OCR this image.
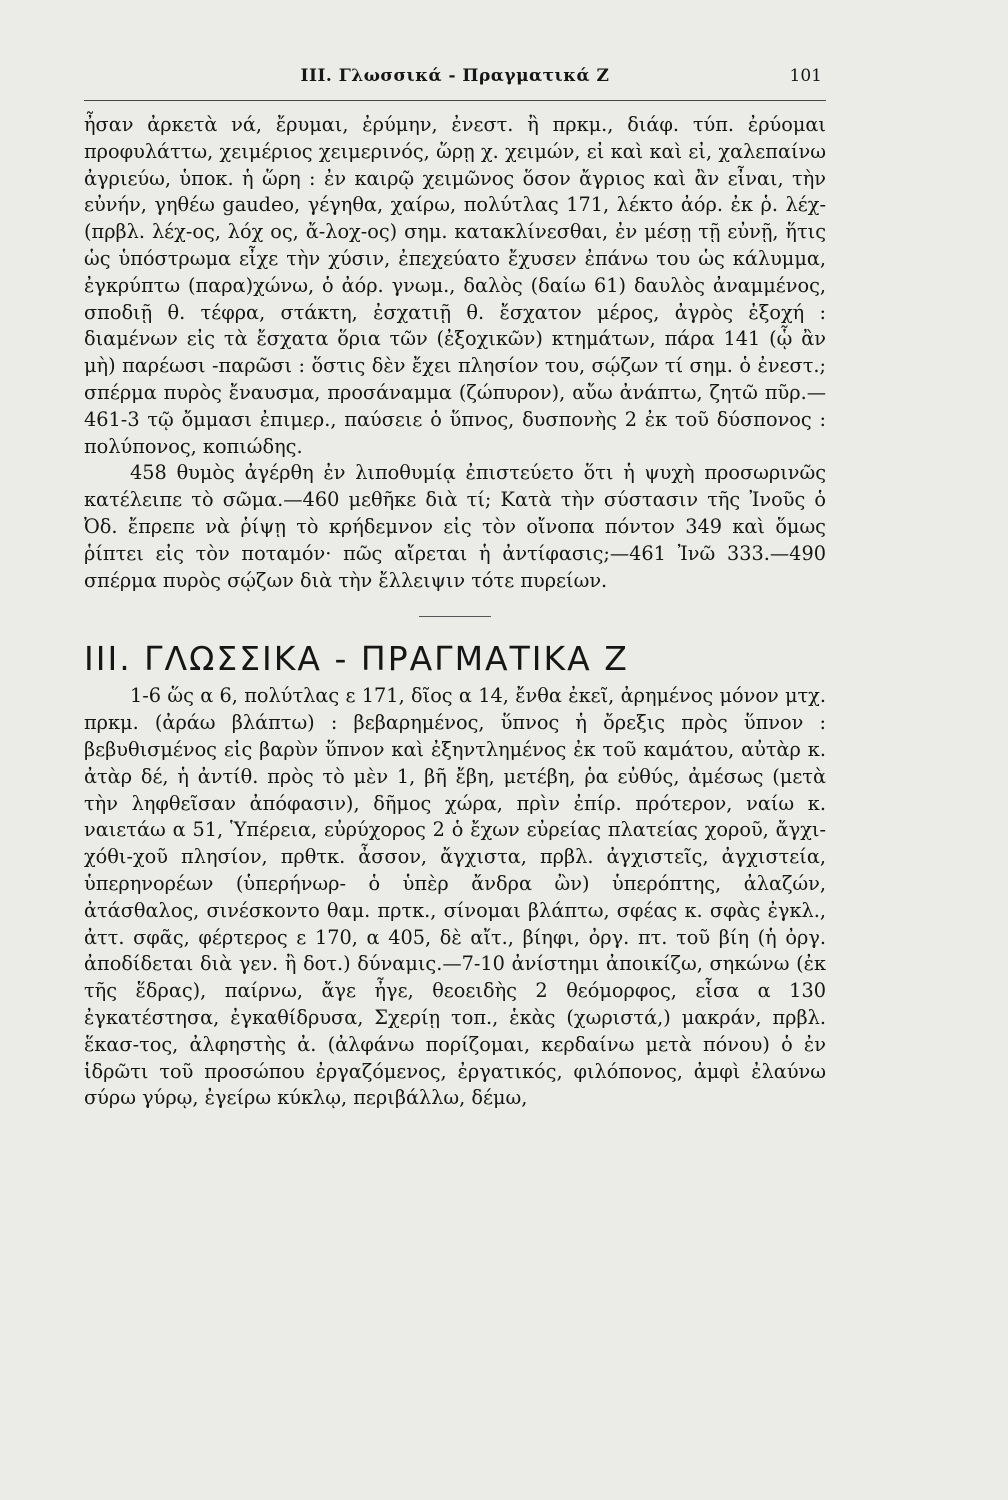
III. Γλωσσικά - Πραγματικά Ζ	101

ἦσαν ἀρκετὰ νά, ἔρυμαι, ἐρύμην, ἐνεστ. ἢ πρκμ., διάφ. τύπ. ἐρύομαι προφυλάττω, χειμέριος χειμερινός, ὥρῃ χ. χειμών, εἰ καὶ καὶ εἰ, χαλεπαίνω ἀγριεύω, ὑποκ. ἡ ὥρη : ἐν καιρῷ χειμῶνος ὅσον ἄγριος καὶ ἂν εἶναι, τὴν εὐνήν, γηθέω gaudeo, γέγηθα, χαίρω, πολύτλας 171, λέκτο ἀόρ. ἐκ ῥ. λέχ- (πρβλ. λέχ-ος, λόχ ος, ἄ-λοχ-ος) σημ. κατακλίνεσθαι, ἐν μέσῃ τῇ εὐνῇ, ἥτις ὡς ὑπόστρωμα εἶχε τὴν χύσιν, ἐπεχεύατο ἔχυσεν ἐπάνω του ὡς κάλυμμα, ἐγκρύπτω (παρα)χώνω, ὁ ἀόρ. γνωμ., δαλὸς (δαίω 61) δαυλὸς ἀναμμένος, σποδιῇ θ. τέφρα, στάκτη, ἐσχατιῇ θ. ἔσχατον μέρος, ἀγρὸς ἐξοχή : διαμένων εἰς τὰ ἔσχατα ὅρια τῶν (ἐξοχικῶν) κτημάτων, πάρα 141 (ᾧ ἂν μὴ) παρέωσι -παρῶσι : ὅστις δὲν ἔχει πλησίον του, σῴζων τί σημ. ὁ ἐνεστ.; σπέρμα πυρὸς ἔναυσμα, προσάναμμα (ζώπυρον), αὔω ἀνάπτω, ζητῶ πῦρ.—461-3 τῷ ὄμμασι ἐπιμερ., παύσειε ὁ ὕπνος, δυσπονὴς 2 ἐκ τοῦ δύσπονος : πολύπονος, κοπιώδης.

458 θυμὸς ἀγέρθη ἐν λιποθυμίᾳ ἐπιστεύετο ὅτι ἡ ψυχὴ προσωρινῶς κατέλειπε τὸ σῶμα.—460 μεθῆκε διὰ τί; Κατὰ τὴν σύστασιν τῆς Ἰνοῦς ὁ Ὀδ. ἔπρεπε νὰ ῥίψῃ τὸ κρήδεμνον εἰς τὸν οἴνοπα πόντον 349 καὶ ὅμως ῥίπτει εἰς τὸν ποταμόν· πῶς αἴρεται ἡ ἀντίφασις;—461 Ἰνῶ 333.—490 σπέρμα πυρὸς σῴζων διὰ τὴν ἔλλειψιν τότε πυρείων.

III. ΓΛΩΣΣΙΚΑ - ΠΡΑΓΜΑΤΙΚΑ Ζ

1-6 ὥς α 6, πολύτλας ε 171, δῖος α 14, ἔνθα ἐκεῖ, ἀρημένος μόνον μτχ. πρκμ. (ἀράω βλάπτω) : βεβαρημένος, ὕπνος ἡ ὄρεξις πρὸς ὕπνον : βεβυθισμένος εἰς βαρὺν ὕπνον καὶ ἐξηντλημένος ἐκ τοῦ καμάτου, αὐτὰρ κ. ἀτὰρ δέ, ἡ ἀντίθ. πρὸς τὸ μὲν 1, βῆ ἔβη, μετέβη, ῥα εὐθύς, ἀμέσως (μετὰ τὴν ληφθεῖσαν ἀπόφασιν), δῆμος χώρα, πρὶν ἐπίρ. πρότερον, ναίω κ. ναιετάω α 51, Ὑπέρεια, εὐρύχορος 2 ὁ ἔχων εὐρείας πλατείας χοροῦ, ἄγχι-χόθι-χοῦ πλησίον, πρθτκ. ἆσσον, ἄγχιστα, πρβλ. ἀγχιστεῖς, ἀγχιστεία, ὑπερηνορέων (ὑπερήνωρ- ὁ ὑπὲρ ἄνδρα ὢν) ὑπερόπτης, ἀλαζών, ἀτάσθαλος, σινέσκοντο θαμ. πρτκ., σίνομαι βλάπτω, σφέας κ. σφὰς ἐγκλ., ἀττ. σφᾶς, φέρτερος ε 170, α 405, δὲ αἴτ., βίηφι, ὀργ. πτ. τοῦ βίη (ἡ ὀργ. ἀποδίδεται διὰ γεν. ἢ δοτ.) δύναμις.—7-10 ἀνίστημι ἀποικίζω, σηκώνω (ἐκ τῆς ἕδρας), παίρνω, ἄγε ἦγε, θεοειδὴς 2 θεόμορφος, εἷσα α 130 ἐγκατέστησα, ἐγκαθίδρυσα, Σχερίῃ τοπ., ἑκὰς (χωριστά,) μακράν, πρβλ. ἕκασ-τος, ἀλφηστὴς ἀ. (ἀλφάνω πορίζομαι, κερδαίνω μετὰ πόνου) ὁ ἐν ἱδρῶτι τοῦ προσώπου ἐργαζόμενος, ἐργατικός, φιλόπονος, ἀμφὶ ἐλαύνω σύρω γύρῳ, ἐγείρω κύκλῳ, περιβάλλω, δέμω,
